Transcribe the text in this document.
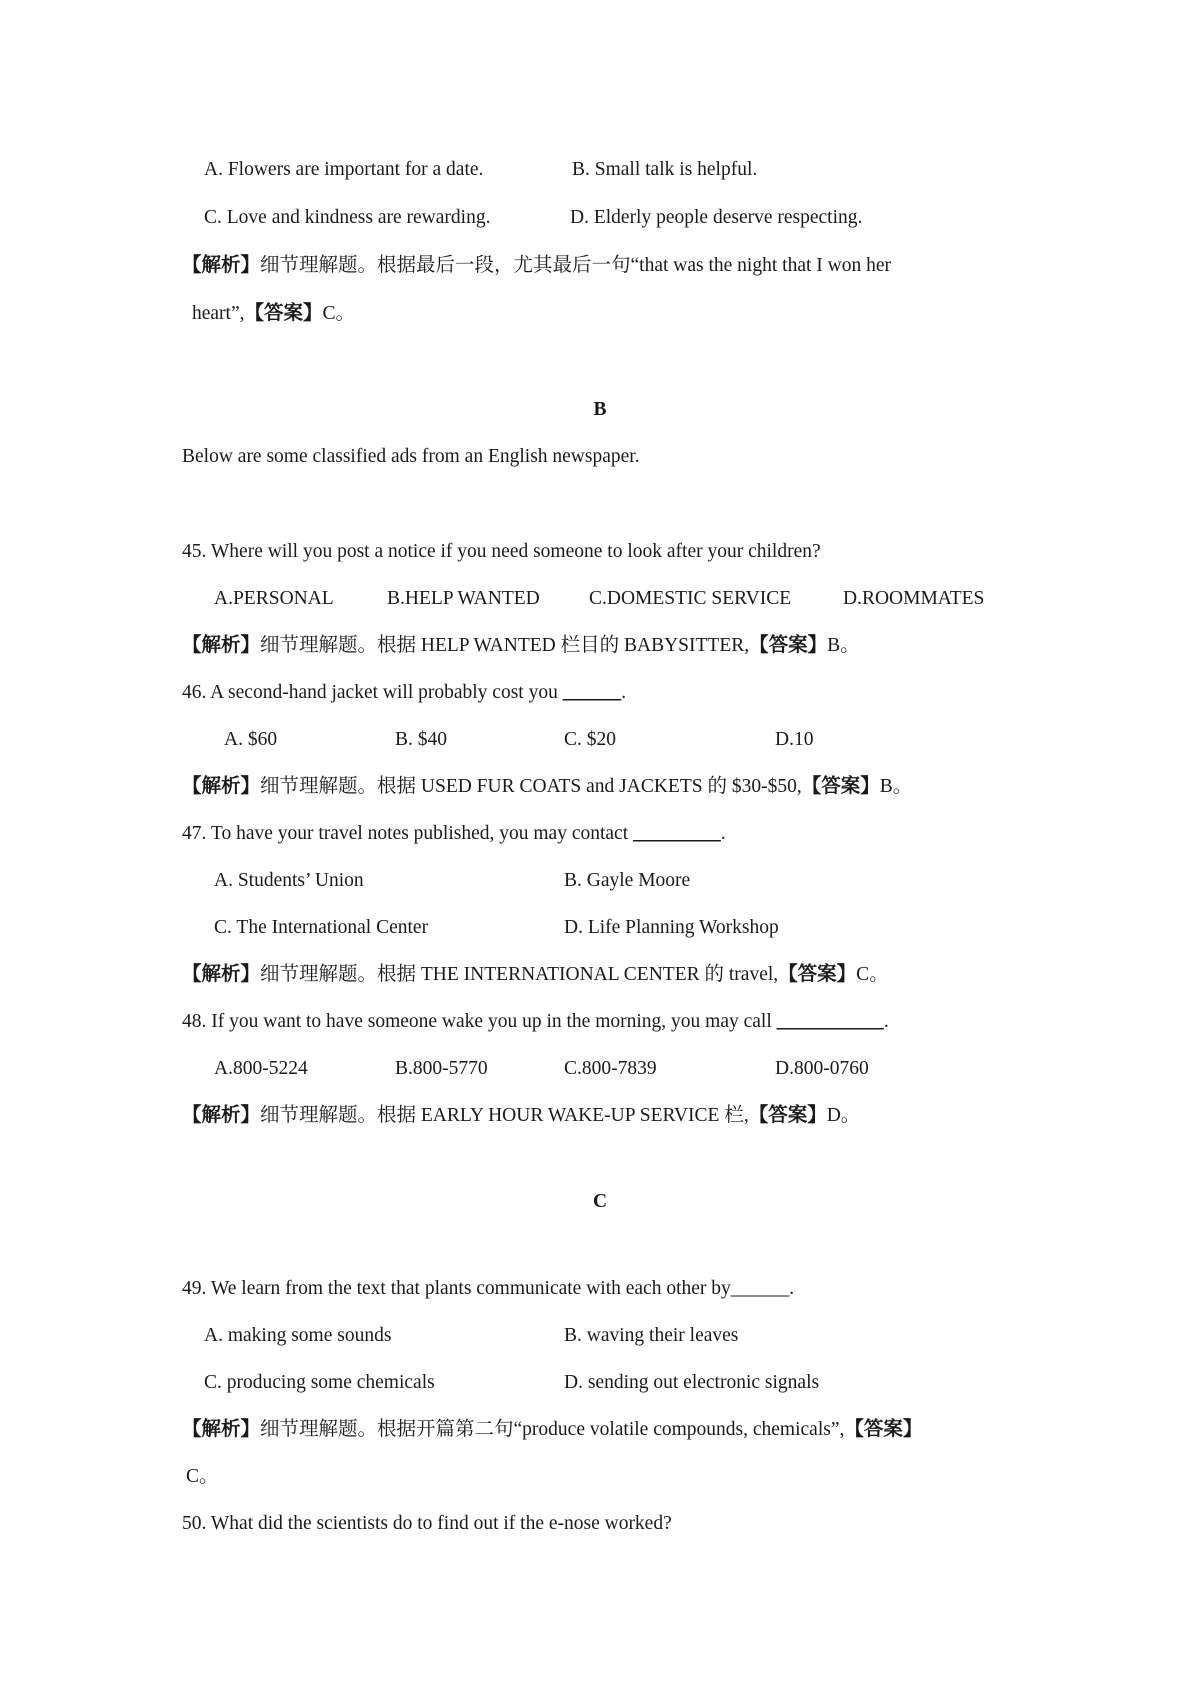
A. Flowers are important for a date.	B. Small talk is helpful.
C. Love and kindness are rewarding.	D. Elderly people deserve respecting.
【解析】细节理解题。根据最后一段，尤其最后一句“that was the night that I won her
heart”,【答案】C。
B
Below are some classified ads from an English newspaper.
45. Where will you post a notice if you need someone to look after your children?
A.PERSONAL	B.HELP WANTED	C.DOMESTIC SERVICE	D.ROOMMATES
【解析】细节理解题。根据 HELP WANTED 栏目的 BABYSITTER,【答案】B。
46. A second-hand jacket will probably cost you ______.
A. $60	B. $40	C. $20	D.10
【解析】细节理解题。根据 USED FUR COATS and JACKETS 的 $30-$50,【答案】B。
47. To have your travel notes published, you may contact _________.
A. Students’ Union	B. Gayle Moore
C. The International Center	D. Life Planning Workshop
【解析】细节理解题。根据 THE INTERNATIONAL CENTER 的 travel,【答案】C。
48. If you want to have someone wake you up in the morning, you may call ___________.
A.800-5224	B.800-5770	C.800-7839	D.800-0760
【解析】细节理解题。根据 EARLY HOUR WAKE-UP SERVICE 栏,【答案】D。
C
49. We learn from the text that plants communicate with each other by______.
A. making some sounds	B. waving their leaves
C. producing some chemicals	D. sending out electronic signals
【解析】细节理解题。根据开篇第二句“produce volatile compounds, chemicals”,【答案】
C。
50. What did the scientists do to find out if the e-nose worked?
